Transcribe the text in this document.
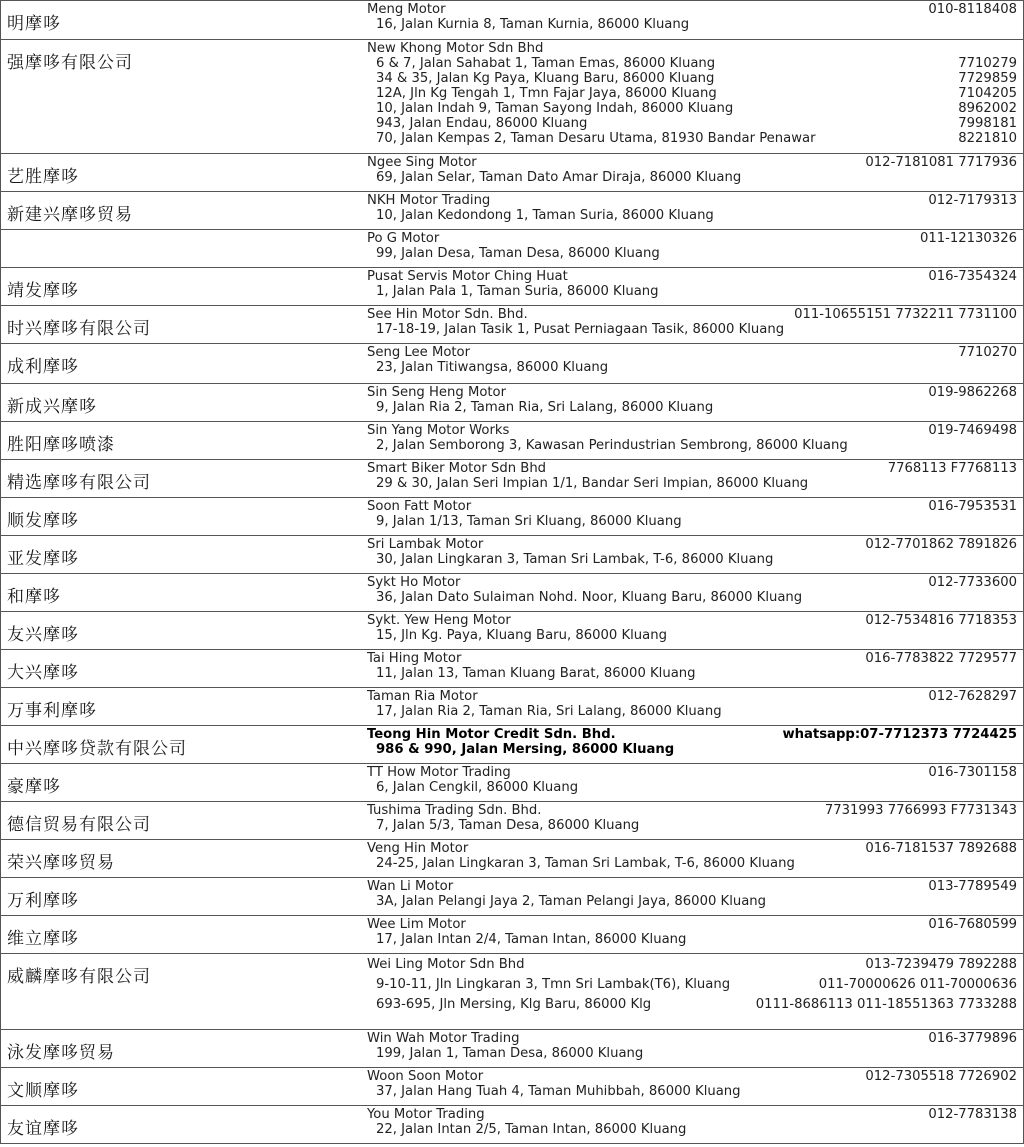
明摩哆
Meng Motor	010-8118408
16, Jalan Kurnia 8, Taman Kurnia, 86000 Kluang
强摩哆有限公司
New Khong Motor Sdn Bhd
6 & 7, Jalan Sahabat 1, Taman Emas, 86000 Kluang	7710279
34 & 35, Jalan Kg Paya, Kluang Baru, 86000 Kluang	7729859
12A, Jln Kg Tengah 1, Tmn Fajar Jaya, 86000 Kluang	7104205
10, Jalan Indah 9, Taman Sayong Indah, 86000 Kluang	8962002
943, Jalan Endau, 86000 Kluang	7998181
70, Jalan Kempas 2, Taman Desaru Utama, 81930 Bandar Penawar	8221810
艺胜摩哆
Ngee Sing Motor	012-7181081 7717936
69, Jalan Selar, Taman Dato Amar Diraja, 86000 Kluang
新建兴摩哆贸易
NKH Motor Trading	012-7179313
10, Jalan Kedondong 1, Taman Suria, 86000 Kluang
Po G Motor	011-12130326
99, Jalan Desa, Taman Desa, 86000 Kluang
靖发摩哆
Pusat Servis Motor Ching Huat	016-7354324
1, Jalan Pala 1, Taman Suria, 86000 Kluang
时兴摩哆有限公司
See Hin Motor Sdn. Bhd.	011-10655151 7732211 7731100
17-18-19, Jalan Tasik 1, Pusat Perniagaan Tasik, 86000 Kluang
成利摩哆
Seng Lee Motor	7710270
23, Jalan Titiwangsa, 86000 Kluang
新成兴摩哆
Sin Seng Heng Motor	019-9862268
9, Jalan Ria 2, Taman Ria, Sri Lalang, 86000 Kluang
胜阳摩哆喷漆
Sin Yang Motor Works	019-7469498
2, Jalan Semborong 3, Kawasan Perindustrian Sembrong, 86000 Kluang
精选摩哆有限公司
Smart Biker Motor Sdn Bhd	7768113 F7768113
29 & 30, Jalan Seri Impian 1/1, Bandar Seri Impian, 86000 Kluang
顺发摩哆
Soon Fatt Motor	016-7953531
9, Jalan 1/13, Taman Sri Kluang, 86000 Kluang
亚发摩哆
Sri Lambak Motor	012-7701862 7891826
30, Jalan Lingkaran 3, Taman Sri Lambak, T-6, 86000 Kluang
和摩哆
Sykt Ho Motor	012-7733600
36, Jalan Dato Sulaiman Nohd. Noor, Kluang Baru, 86000 Kluang
友兴摩哆
Sykt. Yew Heng Motor	012-7534816 7718353
15, Jln Kg. Paya, Kluang Baru, 86000 Kluang
大兴摩哆
Tai Hing Motor	016-7783822 7729577
11, Jalan 13, Taman Kluang Barat, 86000 Kluang
万事利摩哆
Taman Ria Motor	012-7628297
17, Jalan Ria 2, Taman Ria, Sri Lalang, 86000 Kluang
中兴摩哆贷款有限公司
Teong Hin Motor Credit Sdn. Bhd.	whatsapp:07-7712373 7724425
986 & 990, Jalan Mersing, 86000 Kluang
豪摩哆
TT How Motor Trading	016-7301158
6, Jalan Cengkil, 86000 Kluang
德信贸易有限公司
Tushima Trading Sdn. Bhd.	7731993 7766993 F7731343
7, Jalan 5/3, Taman Desa, 86000 Kluang
荣兴摩哆贸易
Veng Hin Motor	016-7181537 7892688
24-25, Jalan Lingkaran 3, Taman Sri Lambak, T-6, 86000 Kluang
万利摩哆
Wan Li Motor	013-7789549
3A, Jalan Pelangi Jaya 2, Taman Pelangi Jaya, 86000 Kluang
维立摩哆
Wee Lim Motor	016-7680599
17, Jalan Intan 2/4, Taman Intan, 86000 Kluang
威麟摩哆有限公司
Wei Ling Motor Sdn Bhd	013-7239479 7892288
9-10-11, Jln Lingkaran 3, Tmn Sri Lambak(T6), Kluang	011-70000626 011-70000636
693-695, Jln Mersing, Klg Baru, 86000 Klg	0111-8686113 011-18551363 7733288
泳发摩哆贸易
Win Wah Motor Trading	016-3779896
199, Jalan 1, Taman Desa, 86000 Kluang
文顺摩哆
Woon Soon Motor	012-7305518 7726902
37, Jalan Hang Tuah 4, Taman Muhibbah, 86000 Kluang
友谊摩哆
You Motor Trading	012-7783138
22, Jalan Intan 2/5, Taman Intan, 86000 Kluang
